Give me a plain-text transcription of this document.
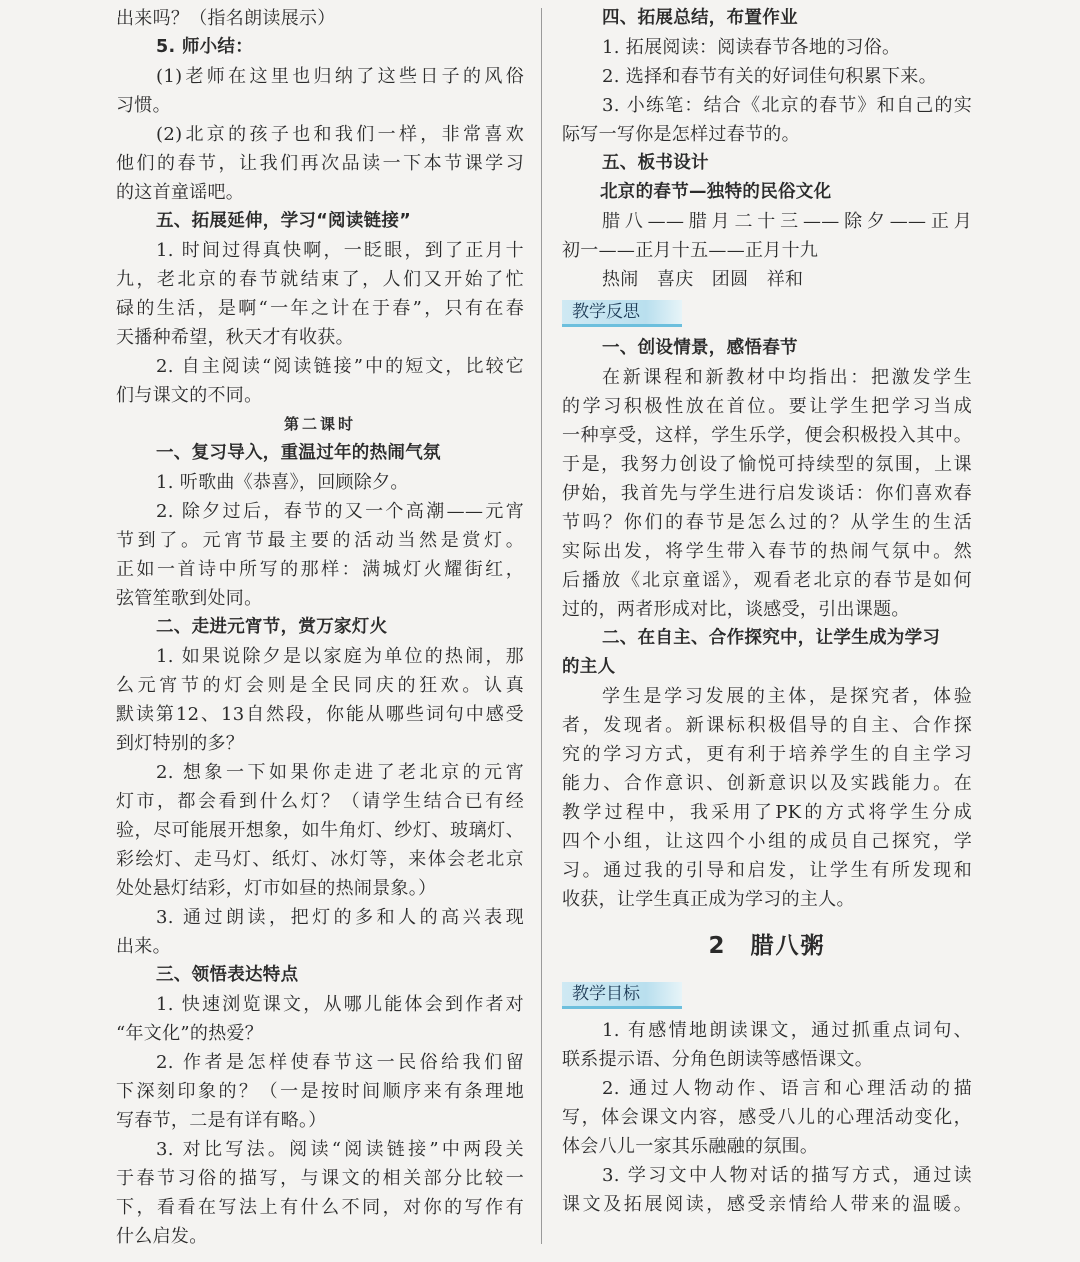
出来吗？（指名朗读展示）
5. 师小结：
(1)老师在这里也归纳了这些日子的风俗
习惯。
(2)北京的孩子也和我们一样，非常喜欢
他们的春节，让我们再次品读一下本节课学习
的这首童谣吧。
五、拓展延伸，学习“阅读链接”
1. 时间过得真快啊，一眨眼，到了正月十
九，老北京的春节就结束了，人们又开始了忙
碌的生活，是啊“一年之计在于春”，只有在春
天播种希望，秋天才有收获。
2. 自主阅读“阅读链接”中的短文，比较它
们与课文的不同。
第二课时
一、复习导入，重温过年的热闹气氛
1. 听歌曲《恭喜》，回顾除夕。
2. 除夕过后，春节的又一个高潮——元宵
节到了。元宵节最主要的活动当然是赏灯。
正如一首诗中所写的那样：满城灯火耀街红，
弦管笙歌到处同。
二、走进元宵节，赏万家灯火
1. 如果说除夕是以家庭为单位的热闹，那
么元宵节的灯会则是全民同庆的狂欢。认真
默读第12、13自然段，你能从哪些词句中感受
到灯特别的多？
2. 想象一下如果你走进了老北京的元宵
灯市，都会看到什么灯？（请学生结合已有经
验，尽可能展开想象，如牛角灯、纱灯、玻璃灯、
彩绘灯、走马灯、纸灯、冰灯等，来体会老北京
处处悬灯结彩，灯市如昼的热闹景象。）
3. 通过朗读，把灯的多和人的高兴表现
出来。
三、领悟表达特点
1. 快速浏览课文，从哪儿能体会到作者对
“年文化”的热爱？
2. 作者是怎样使春节这一民俗给我们留
下深刻印象的？（一是按时间顺序来有条理地
写春节，二是有详有略。）
3. 对比写法。阅读“阅读链接”中两段关
于春节习俗的描写，与课文的相关部分比较一
下，看看在写法上有什么不同，对你的写作有
什么启发。
四、拓展总结，布置作业
1. 拓展阅读：阅读春节各地的习俗。
2. 选择和春节有关的好词佳句积累下来。
3. 小练笔：结合《北京的春节》和自己的实
际写一写你是怎样过春节的。
五、板书设计
北京的春节—独特的民俗文化
腊八——腊月二十三——除夕——正月
初一——正月十五——正月十九
热闹　喜庆　团圆　祥和
教学反思
一、创设情景，感悟春节
在新课程和新教材中均指出：把激发学生
的学习积极性放在首位。要让学生把学习当成
一种享受，这样，学生乐学，便会积极投入其中。
于是，我努力创设了愉悦可持续型的氛围，上课
伊始，我首先与学生进行启发谈话：你们喜欢春
节吗？你们的春节是怎么过的？从学生的生活
实际出发，将学生带入春节的热闹气氛中。然
后播放《北京童谣》，观看老北京的春节是如何
过的，两者形成对比，谈感受，引出课题。
二、在自主、合作探究中，让学生成为学习
的主人
学生是学习发展的主体，是探究者，体验
者，发现者。新课标积极倡导的自主、合作探
究的学习方式，更有利于培养学生的自主学习
能力、合作意识、创新意识以及实践能力。在
教学过程中，我采用了PK的方式将学生分成
四个小组，让这四个小组的成员自己探究，学
习。通过我的引导和启发，让学生有所发现和
收获，让学生真正成为学习的主人。
2 腊八粥
教学目标
1. 有感情地朗读课文，通过抓重点词句、
联系提示语、分角色朗读等感悟课文。
2. 通过人物动作、语言和心理活动的描
写，体会课文内容，感受八儿的心理活动变化，
体会八儿一家其乐融融的氛围。
3. 学习文中人物对话的描写方式，通过读
课文及拓展阅读，感受亲情给人带来的温暖。
